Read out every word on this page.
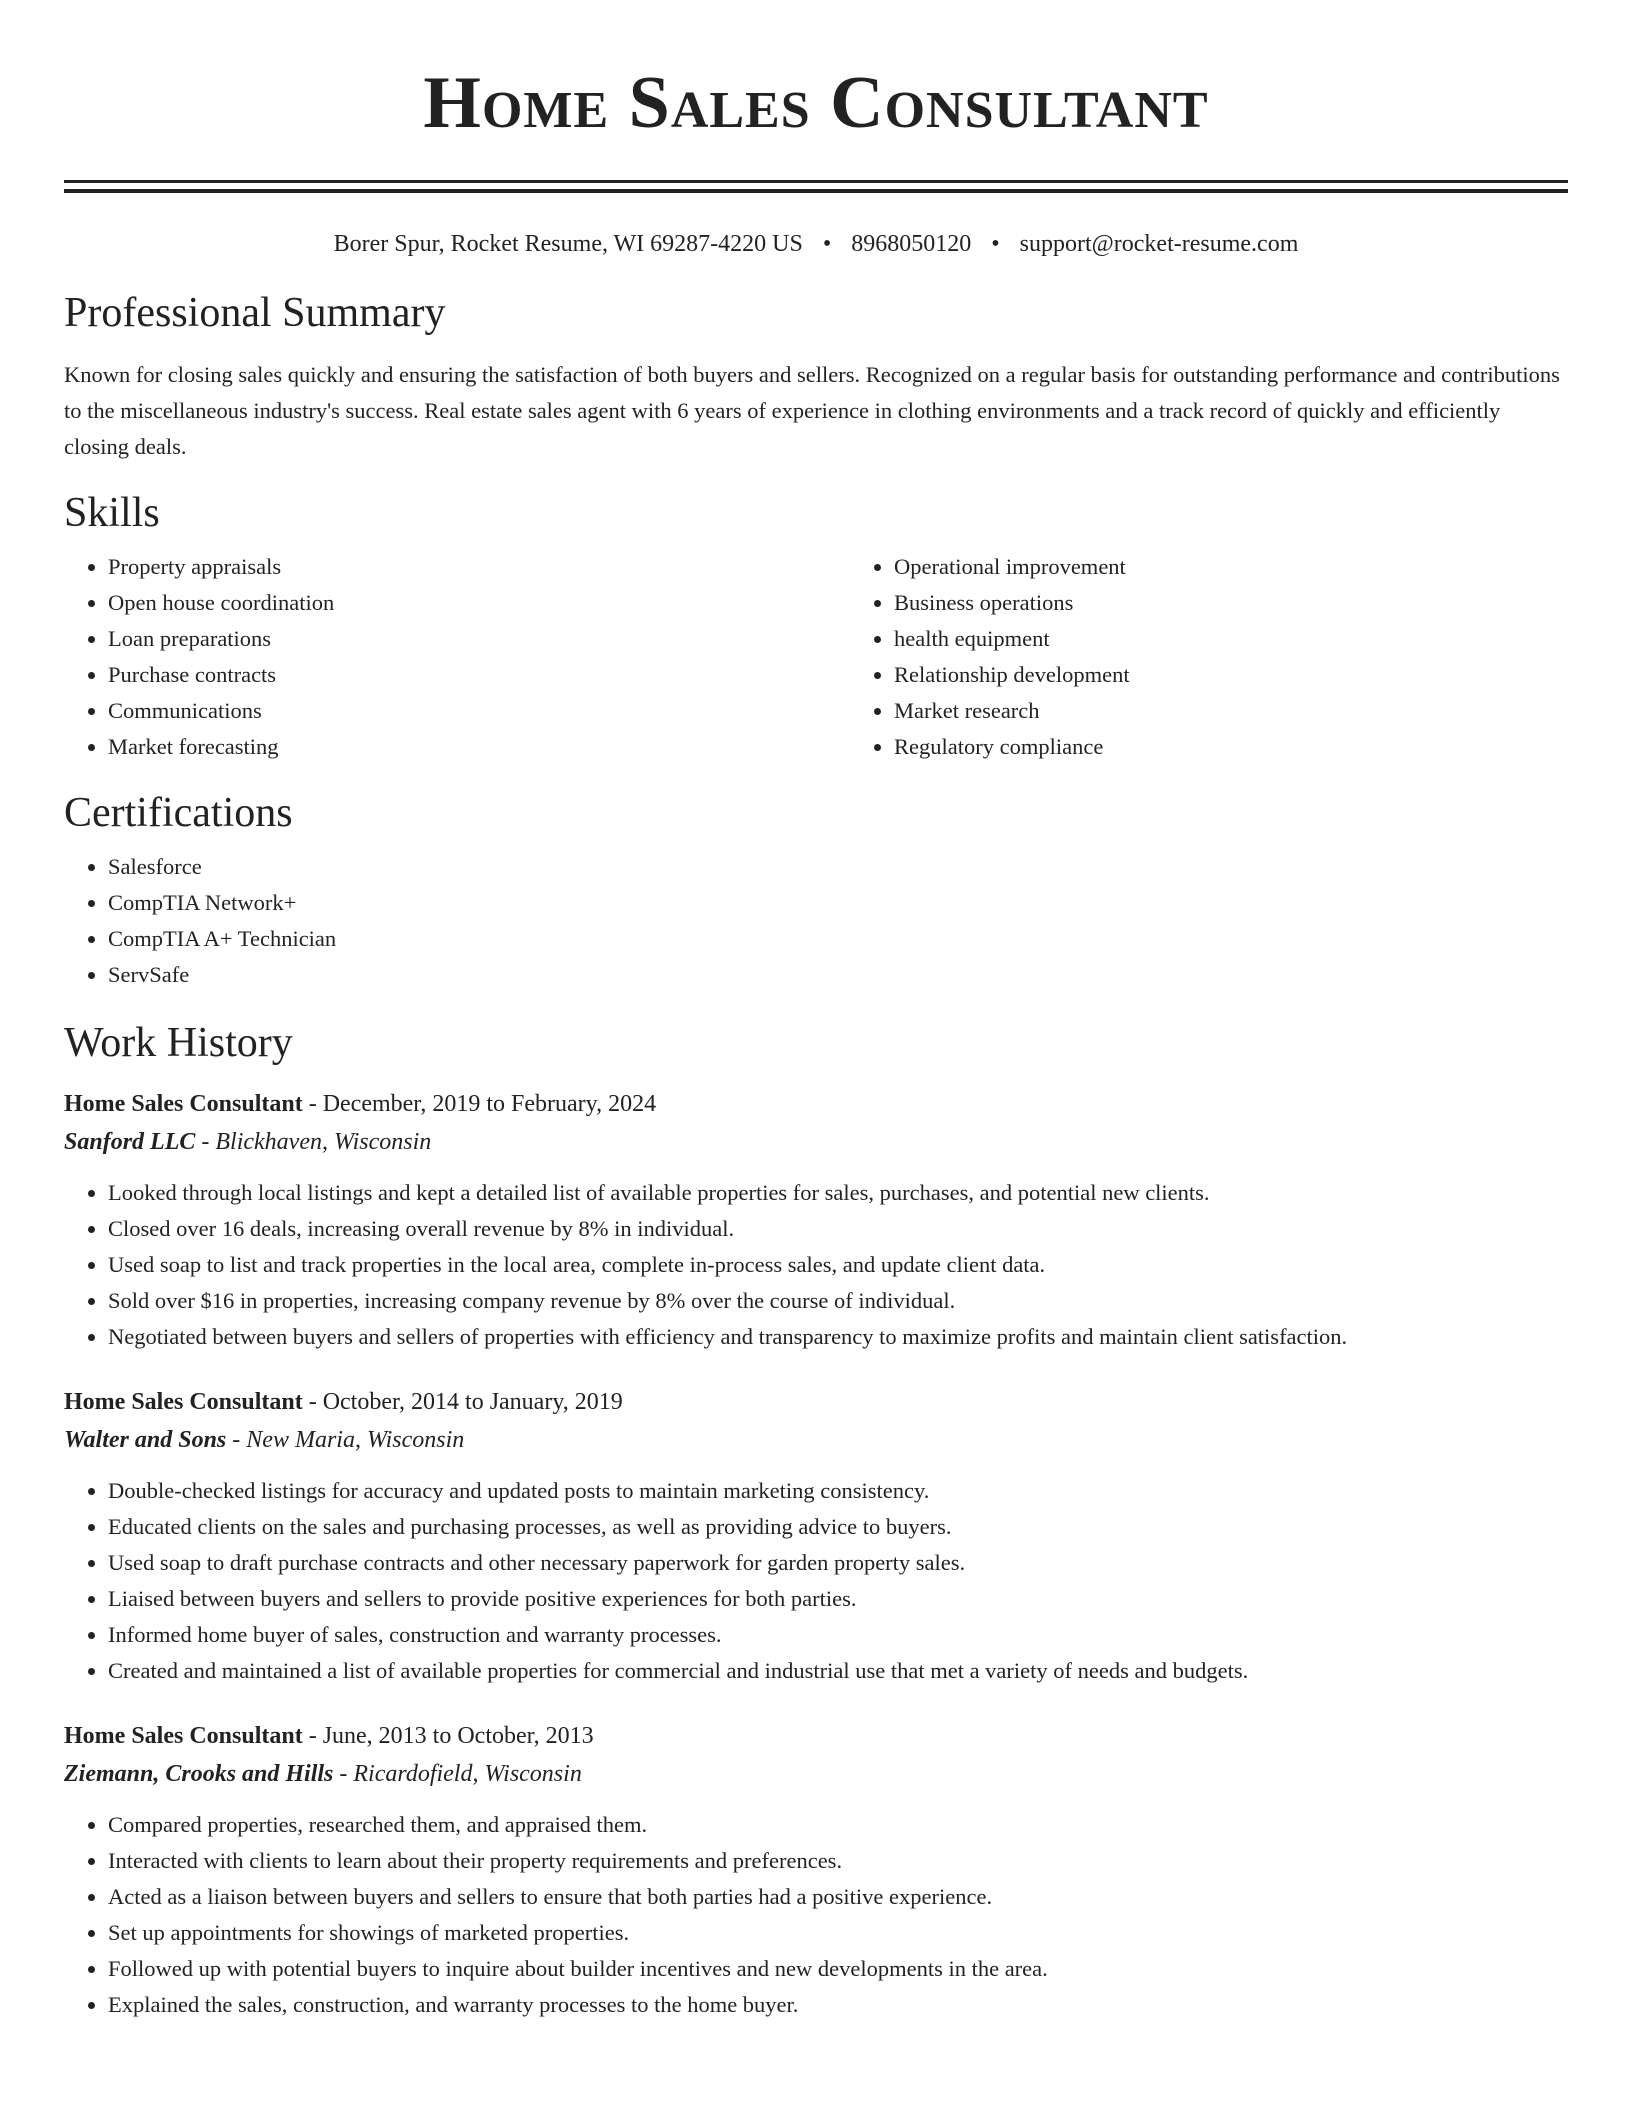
Home Sales Consultant
Borer Spur, Rocket Resume, WI 69287-4220 US • 8968050120 • support@rocket-resume.com
Professional Summary

Known for closing sales quickly and ensuring the satisfaction of both buyers and sellers. Recognized on a regular basis for outstanding performance and contributions to the miscellaneous industry's success. Real estate sales agent with 6 years of experience in clothing environments and a track record of quickly and efficiently closing deals.

Skills
• Property appraisals
• Open house coordination
• Loan preparations
• Purchase contracts
• Communications
• Market forecasting
• Operational improvement
• Business operations
• health equipment
• Relationship development
• Market research
• Regulatory compliance
Certifications
• Salesforce
• CompTIA Network+
• CompTIA A+ Technician
• ServSafe
Work History
Home Sales Consultant - December, 2019 to February, 2024
Sanford LLC - Blickhaven, Wisconsin
• Looked through local listings and kept a detailed list of available properties for sales, purchases, and potential new clients.
• Closed over 16 deals, increasing overall revenue by 8% in individual.
• Used soap to list and track properties in the local area, complete in-process sales, and update client data.
• Sold over $16 in properties, increasing company revenue by 8% over the course of individual.
• Negotiated between buyers and sellers of properties with efficiency and transparency to maximize profits and maintain client satisfaction.
Home Sales Consultant - October, 2014 to January, 2019
Walter and Sons - New Maria, Wisconsin
• Double-checked listings for accuracy and updated posts to maintain marketing consistency.
• Educated clients on the sales and purchasing processes, as well as providing advice to buyers.
• Used soap to draft purchase contracts and other necessary paperwork for garden property sales.
• Liaised between buyers and sellers to provide positive experiences for both parties.
• Informed home buyer of sales, construction and warranty processes.
• Created and maintained a list of available properties for commercial and industrial use that met a variety of needs and budgets.
Home Sales Consultant - June, 2013 to October, 2013
Ziemann, Crooks and Hills - Ricardofield, Wisconsin
• Compared properties, researched them, and appraised them.
• Interacted with clients to learn about their property requirements and preferences.
• Acted as a liaison between buyers and sellers to ensure that both parties had a positive experience.
• Set up appointments for showings of marketed properties.
• Followed up with potential buyers to inquire about builder incentives and new developments in the area.
• Explained the sales, construction, and warranty processes to the home buyer.
